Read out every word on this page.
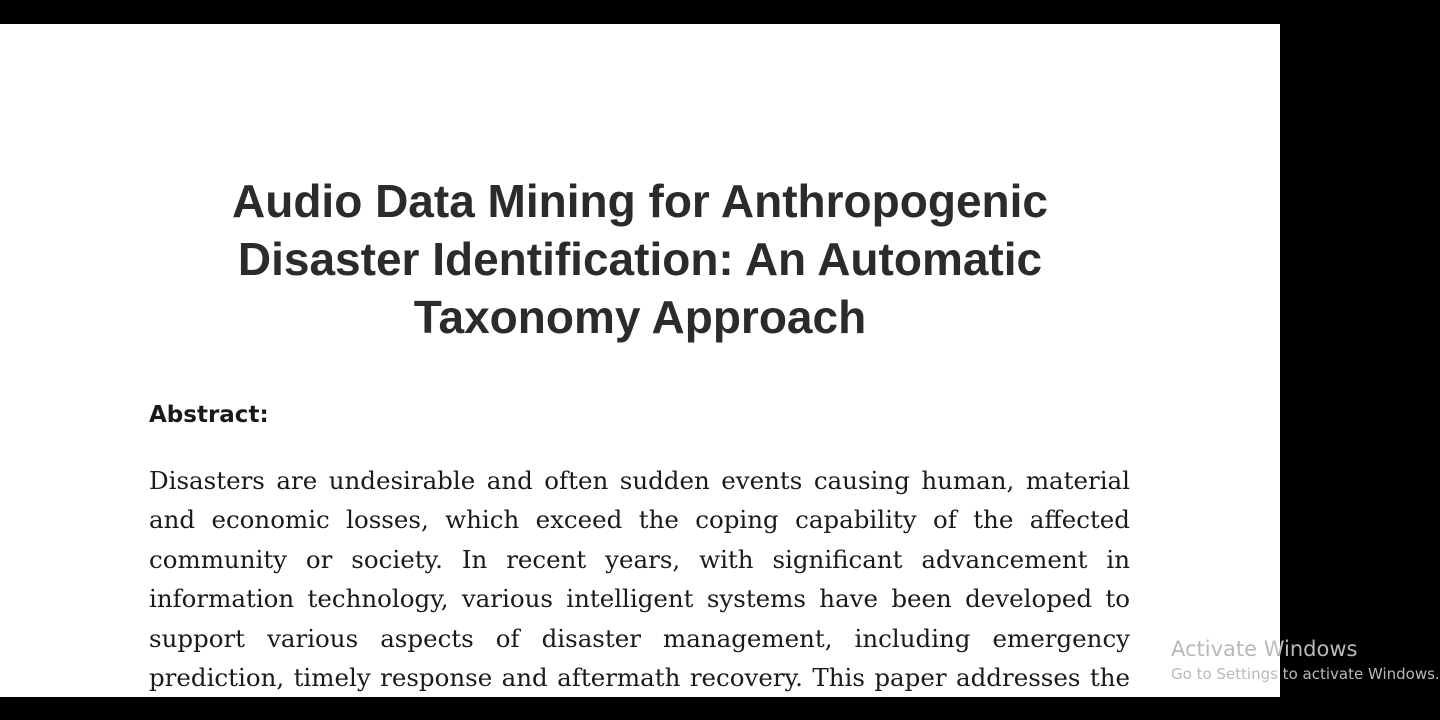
Audio Data Mining for Anthropogenic
Disaster Identification: An Automatic
Taxonomy Approach
Abstract:
Disasters are undesirable and often sudden events causing human, material
and economic losses, which exceed the coping capability of the affected
community or society. In recent years, with significant advancement in
information technology, various intelligent systems have been developed to
support various aspects of disaster management, including emergency
prediction, timely response and aftermath recovery. This paper addresses the
Activate Windows
Go to Settings to activate Windows.
